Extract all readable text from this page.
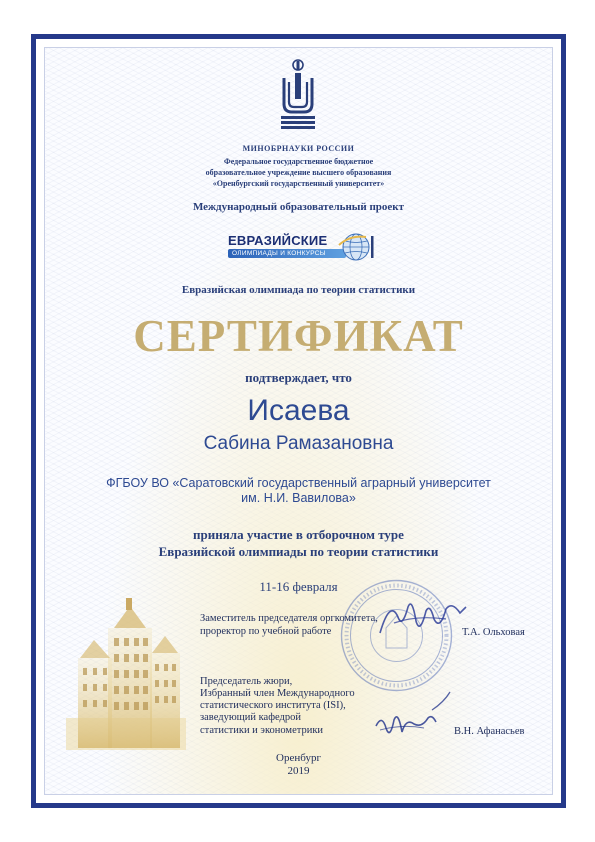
МИНОБРНАУКИ РОССИИ
Федеральное государственное бюджетное
образовательное учреждение высшего образования
«Оренбургский государственный университет»
Международный образовательный проект
ЕВРАЗИЙСКИЕ
ОЛИМПИАДЫ И КОНКУРСЫ
Евразийская олимпиада по теории статистики
СЕРТИФИКАТ
подтверждает, что
Исаева
Сабина Рамазановна
ФГБОУ ВО «Саратовский государственный аграрный университет
им. Н.И. Вавилова»
приняла участие в отборочном туре
Евразийской олимпиады по теории статистики
11-16 февраля
Заместитель председателя оргкомитета,
проректор по учебной работе	Т.А. Ольховая
Председатель жюри,
Избранный член Международного
статистического института (ISI),
заведующий кафедрой
статистики и эконометрики	В.Н. Афанасьев
Оренбург
2019
